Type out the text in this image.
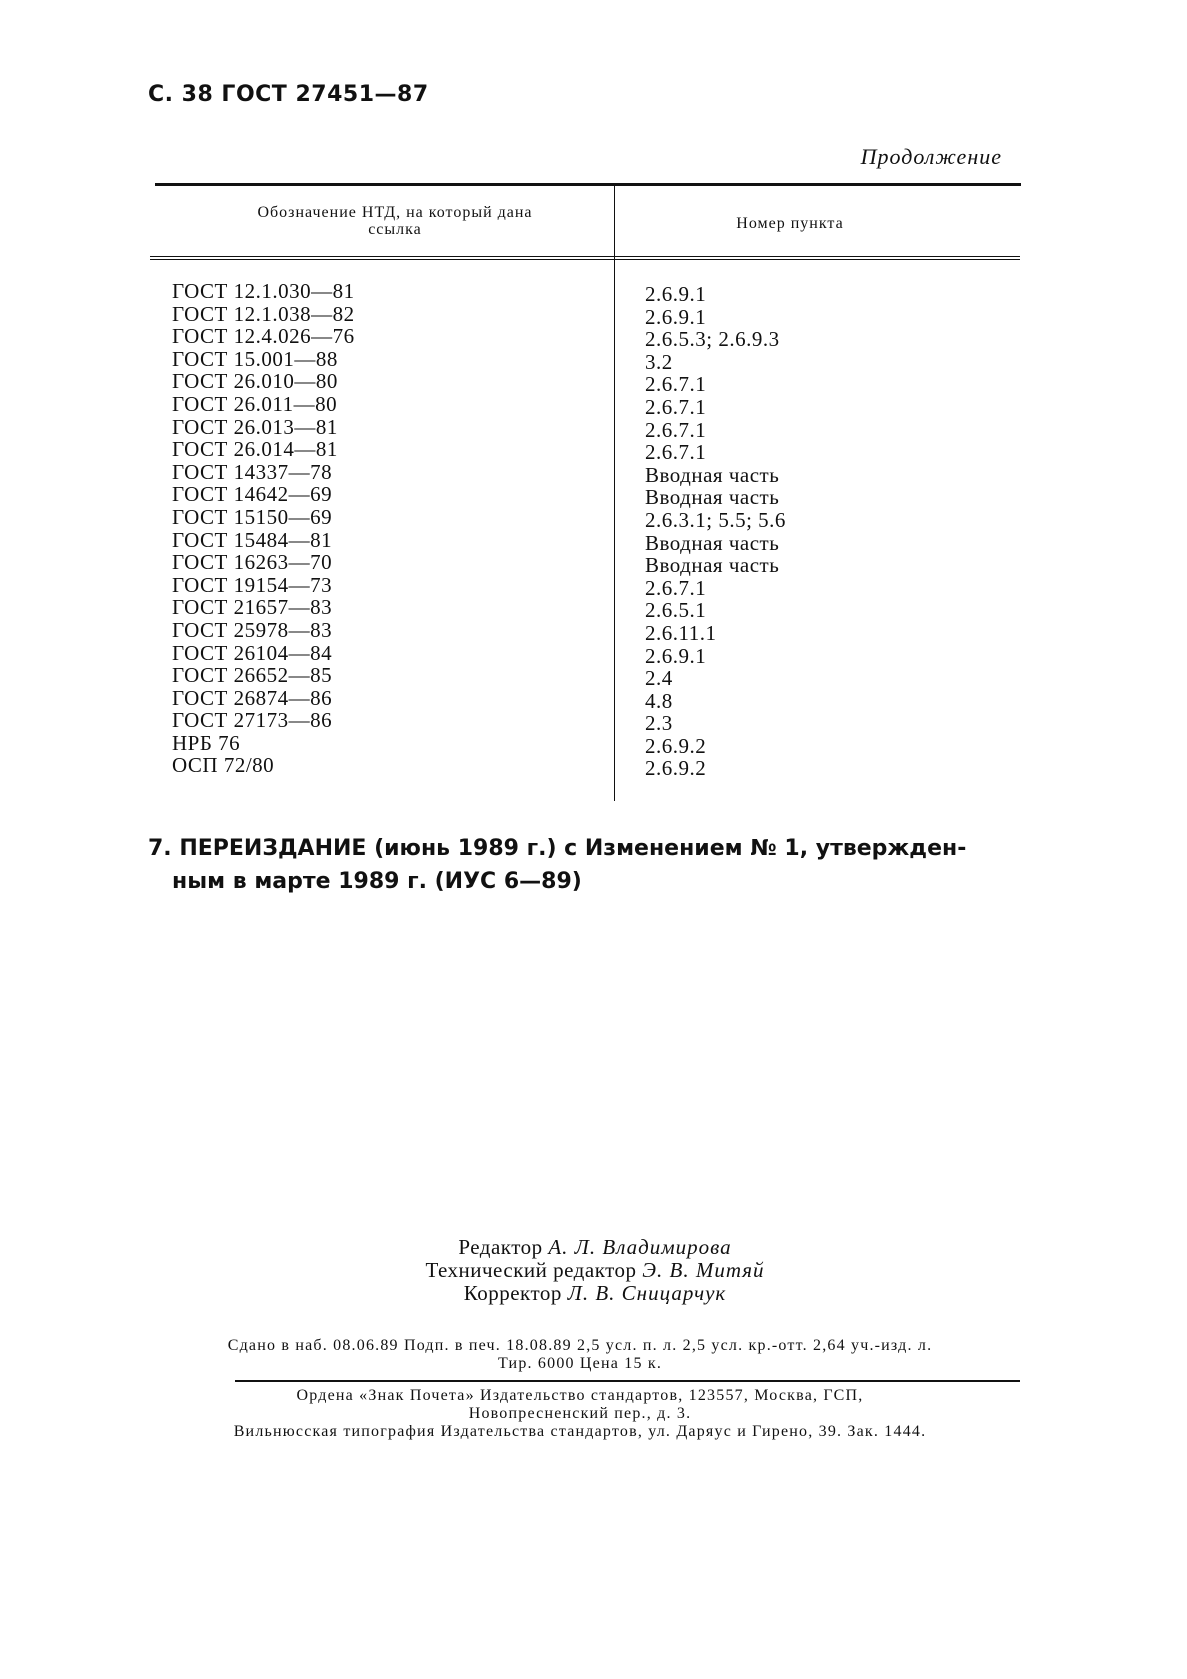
С. 38 ГОСТ 27451—87
Продолжение
Обозначение НТД, на который дана ссылка	Номер пункта
ГОСТ 12.1.030—81
ГОСТ 12.1.038—82
ГОСТ 12.4.026—76
ГОСТ 15.001—88
ГОСТ 26.010—80
ГОСТ 26.011—80
ГОСТ 26.013—81
ГОСТ 26.014—81
ГОСТ 14337—78
ГОСТ 14642—69
ГОСТ 15150—69
ГОСТ 15484—81
ГОСТ 16263—70
ГОСТ 19154—73
ГОСТ 21657—83
ГОСТ 25978—83
ГОСТ 26104—84
ГОСТ 26652—85
ГОСТ 26874—86
ГОСТ 27173—86
НРБ 76
ОСП 72/80
2.6.9.1
2.6.9.1
2.6.5.3; 2.6.9.3
3.2
2.6.7.1
2.6.7.1
2.6.7.1
2.6.7.1
Вводная часть
Вводная часть
2.6.3.1; 5.5; 5.6
Вводная часть
Вводная часть
2.6.7.1
2.6.5.1
2.6.11.1
2.6.9.1
2.4
4.8
2.3
2.6.9.2
2.6.9.2
7. ПЕРЕИЗДАНИЕ (июнь 1989 г.) с Изменением № 1, утвержден-
ным в марте 1989 г. (ИУС 6—89)
Редактор А. Л. Владимирова
Технический редактор Э. В. Митяй
Корректор Л. В. Сницарчук
Сдано в наб. 08.06.89 Подп. в печ. 18.08.89 2,5 усл. п. л. 2,5 усл. кр.-отт. 2,64 уч.-изд. л.
Тир. 6000 Цена 15 к.
Ордена «Знак Почета» Издательство стандартов, 123557, Москва, ГСП,
Новопресненский пер., д. 3.
Вильнюсская типография Издательства стандартов, ул. Даряус и Гирено, 39. Зак. 1444.
